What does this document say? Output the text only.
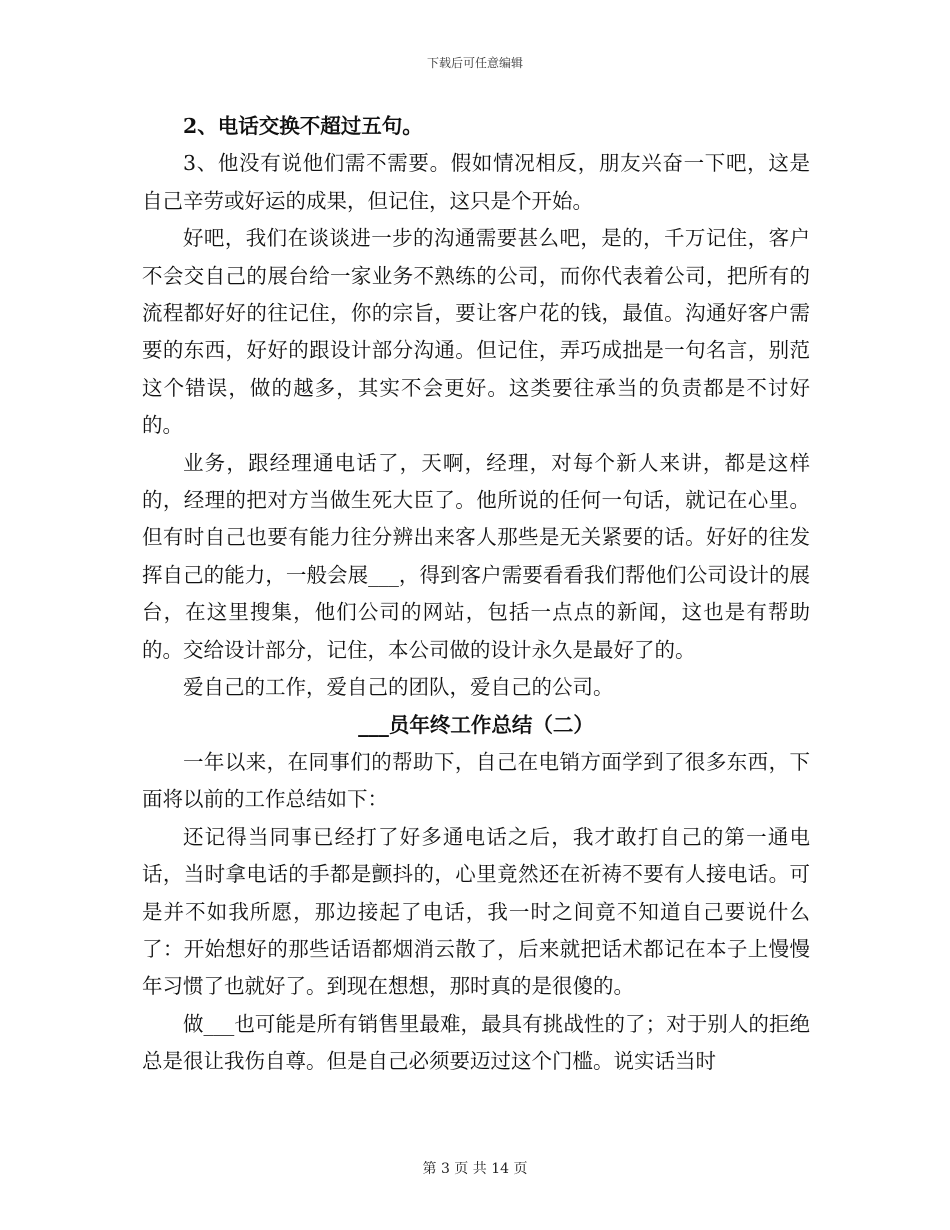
下载后可任意编辑

2、电话交换不超过五句。

3、他没有说他们需不需要。假如情况相反，朋友兴奋一下吧，这是自己辛劳或好运的成果，但记住，这只是个开始。

好吧，我们在谈谈进一步的沟通需要甚么吧，是的，千万记住，客户不会交自己的展台给一家业务不熟练的公司，而你代表着公司，把所有的流程都好好的往记住，你的宗旨，要让客户花的钱，最值。沟通好客户需要的东西，好好的跟设计部分沟通。但记住，弄巧成拙是一句名言，别范这个错误，做的越多，其实不会更好。这类要往承当的负责都是不讨好的。

业务，跟经理通电话了，天啊，经理，对每个新人来讲，都是这样的，经理的把对方当做生死大臣了。他所说的任何一句话，就记在心里。但有时自己也要有能力往分辨出来客人那些是无关紧要的话。好好的往发挥自己的能力，一般会展___，得到客户需要看看我们帮他们公司设计的展台，在这里搜集，他们公司的网站，包括一点点的新闻，这也是有帮助的。交给设计部分，记住，本公司做的设计永久是最好了的。

爱自己的工作，爱自己的团队，爱自己的公司。

___员年终工作总结（二）

一年以来，在同事们的帮助下，自己在电销方面学到了很多东西，下面将以前的工作总结如下：

还记得当同事已经打了好多通电话之后，我才敢打自己的第一通电话，当时拿电话的手都是颤抖的，心里竟然还在祈祷不要有人接电话。可是并不如我所愿，那边接起了电话，我一时之间竟不知道自己要说什么了：开始想好的那些话语都烟消云散了，后来就把话术都记在本子上慢慢年习惯了也就好了。到现在想想，那时真的是很傻的。

做___也可能是所有销售里最难，最具有挑战性的了；对于别人的拒绝总是很让我伤自尊。但是自己必须要迈过这个门槛。说实话当时

第 3 页 共 14 页
